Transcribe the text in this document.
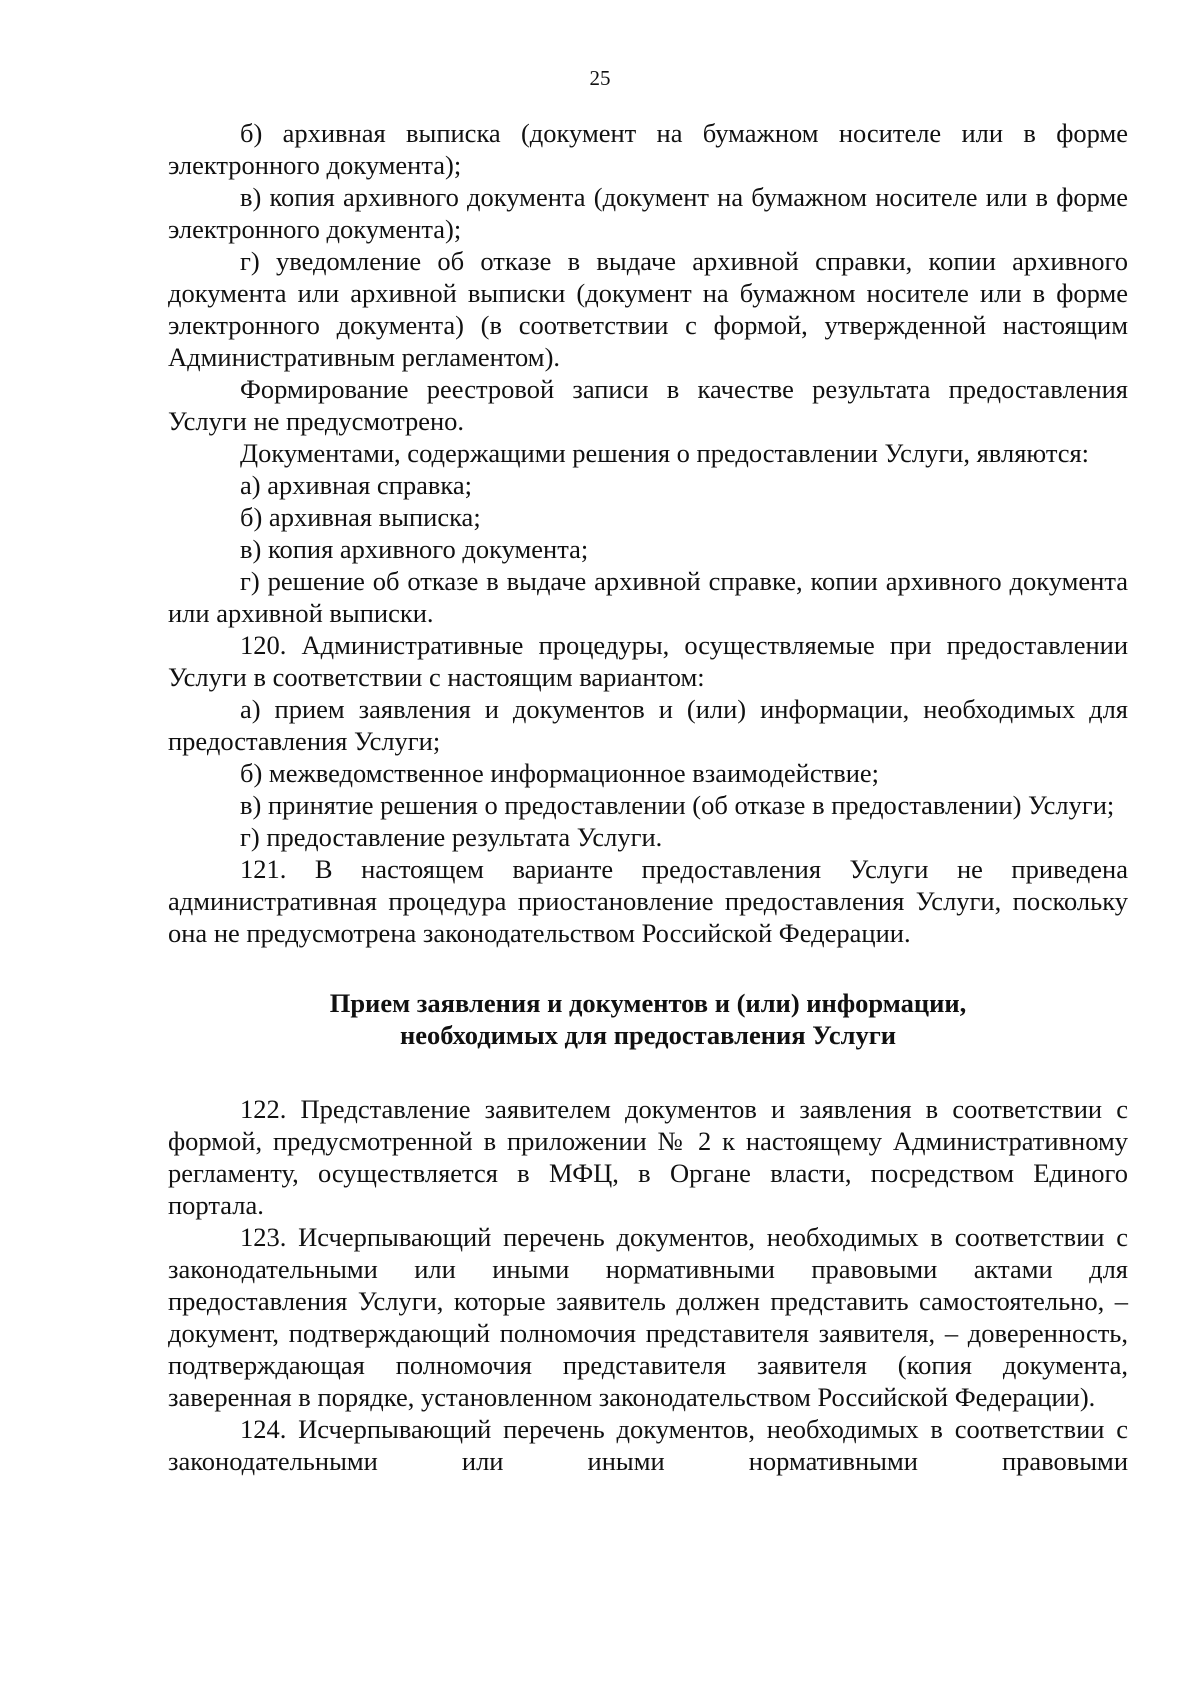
25

б) архивная выписка (документ на бумажном носителе или в форме электронного документа);

в) копия архивного документа (документ на бумажном носителе или в форме электронного документа);

г) уведомление об отказе в выдаче архивной справки, копии архивного документа или архивной выписки (документ на бумажном носителе или в форме электронного документа) (в соответствии с формой, утвержденной настоящим Административным регламентом).

Формирование реестровой записи в качестве результата предоставления Услуги не предусмотрено.

Документами, содержащими решения о предоставлении Услуги, являются:

а) архивная справка;

б) архивная выписка;

в) копия архивного документа;

г) решение об отказе в выдаче архивной справке, копии архивного документа или архивной выписки.

120. Административные процедуры, осуществляемые при предоставлении Услуги в соответствии с настоящим вариантом:

а) прием заявления и документов и (или) информации, необходимых для предоставления Услуги;

б) межведомственное информационное взаимодействие;

в) принятие решения о предоставлении (об отказе в предоставлении) Услуги;

г) предоставление результата Услуги.

121. В настоящем варианте предоставления Услуги не приведена административная процедура приостановление предоставления Услуги, поскольку она не предусмотрена законодательством Российской Федерации.

Прием заявления и документов и (или) информации,
необходимых для предоставления Услуги

122. Представление заявителем документов и заявления в соответствии с формой, предусмотренной в приложении № 2 к настоящему Административному регламенту, осуществляется в МФЦ, в Органе власти, посредством Единого портала.

123. Исчерпывающий перечень документов, необходимых в соответствии с законодательными или иными нормативными правовыми актами для предоставления Услуги, которые заявитель должен представить самостоятельно, – документ, подтверждающий полномочия представителя заявителя, – доверенность, подтверждающая полномочия представителя заявителя (копия документа, заверенная в порядке, установленном законодательством Российской Федерации).

124. Исчерпывающий перечень документов, необходимых в соответствии с законодательными или иными нормативными правовыми
